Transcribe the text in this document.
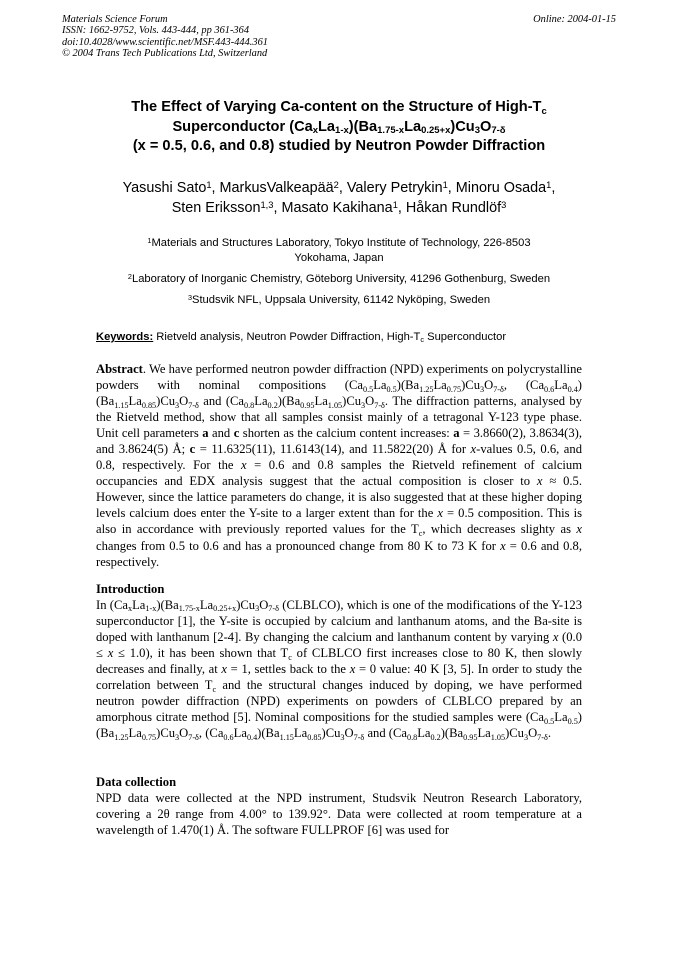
Materials Science Forum
ISSN: 1662-9752, Vols. 443-444, pp 361-364
doi:10.4028/www.scientific.net/MSF.443-444.361
© 2004 Trans Tech Publications Ltd, Switzerland
Online: 2004-01-15
The Effect of Varying Ca-content on the Structure of High-$T_c$
Superconductor $(Ca_xLa_{1-x})(Ba_{1.75-x}La_{0.25+x})Cu_3O_{7-\delta}$
(x = 0.5, 0.6, and 0.8) studied by Neutron Powder Diffraction
Yasushi Sato$^1$, MarkusValkeapää$^2$, Valery Petrykin$^1$, Minoru Osada$^1$,
Sten Eriksson$^{1,3}$, Masato Kakihana$^1$, Håkan Rundlöf$^3$
$^1$Materials and Structures Laboratory, Tokyo Institute of Technology, 226-8503
Yokohama, Japan
$^2$Laboratory of Inorganic Chemistry, Göteborg University, 41296 Gothenburg, Sweden
$^3$Studsvik NFL, Uppsala University, 61142 Nyköping, Sweden
Keywords: Rietveld analysis, Neutron Powder Diffraction, High-$T_c$ Superconductor
Abstract. We have performed neutron powder diffraction (NPD) experiments on polycrystalline powders with nominal compositions $(Ca_{0.5}La_{0.5})(Ba_{1.25}La_{0.75})Cu_3O_{7-\delta}$, $(Ca_{0.6}La_{0.4})(Ba_{1.15}La_{0.85})Cu_3O_{7-\delta}$ and $(Ca_{0.8}La_{0.2})(Ba_{0.95}La_{1.05})Cu_3O_{7-\delta}$. The diffraction patterns, analysed by the Rietveld method, show that all samples consist mainly of a tetragonal Y-123 type phase. Unit cell parameters a and c shorten as the calcium content increases: a = 3.8660(2), 3.8634(3), and 3.8624(5) Å; c = 11.6325(11), 11.6143(14), and 11.5822(20) Å for x-values 0.5, 0.6, and 0.8, respectively. For the x = 0.6 and 0.8 samples the Rietveld refinement of calcium occupancies and EDX analysis suggest that the actual composition is closer to x ≈ 0.5. However, since the lattice parameters do change, it is also suggested that at these higher doping levels calcium does enter the Y-site to a larger extent than for the x = 0.5 composition. This is also in accordance with previously reported values for the $T_c$, which decreases slighty as x changes from 0.5 to 0.6 and has a pronounced change from 80 K to 73 K for x = 0.6 and 0.8, respectively.
Introduction
In $(Ca_xLa_{1-x})(Ba_{1.75-x}La_{0.25+x})Cu_3O_{7-\delta}$ (CLBLCO), which is one of the modifications of the Y-123 superconductor [1], the Y-site is occupied by calcium and lanthanum atoms, and the Ba-site is doped with lanthanum [2-4]. By changing the calcium and lanthanum content by varying x (0.0 ≤ x ≤ 1.0), it has been shown that $T_c$ of CLBLCO first increases close to 80 K, then slowly decreases and finally, at x = 1, settles back to the x = 0 value: 40 K [3, 5]. In order to study the correlation between $T_c$ and the structural changes induced by doping, we have performed neutron powder diffraction (NPD) experiments on powders of CLBLCO prepared by an amorphous citrate method [5]. Nominal compositions for the studied samples were $(Ca_{0.5}La_{0.5})(Ba_{1.25}La_{0.75})Cu_3O_{7-\delta}$, $(Ca_{0.6}La_{0.4})(Ba_{1.15}La_{0.85})Cu_3O_{7-\delta}$ and $(Ca_{0.8}La_{0.2})(Ba_{0.95}La_{1.05})Cu_3O_{7-\delta}$.
Data collection
NPD data were collected at the NPD instrument, Studsvik Neutron Research Laboratory, covering a 2θ range from 4.00° to 139.92°. Data were collected at room temperature at a wavelength of 1.470(1) Å. The software FULLPROF [6] was used for
